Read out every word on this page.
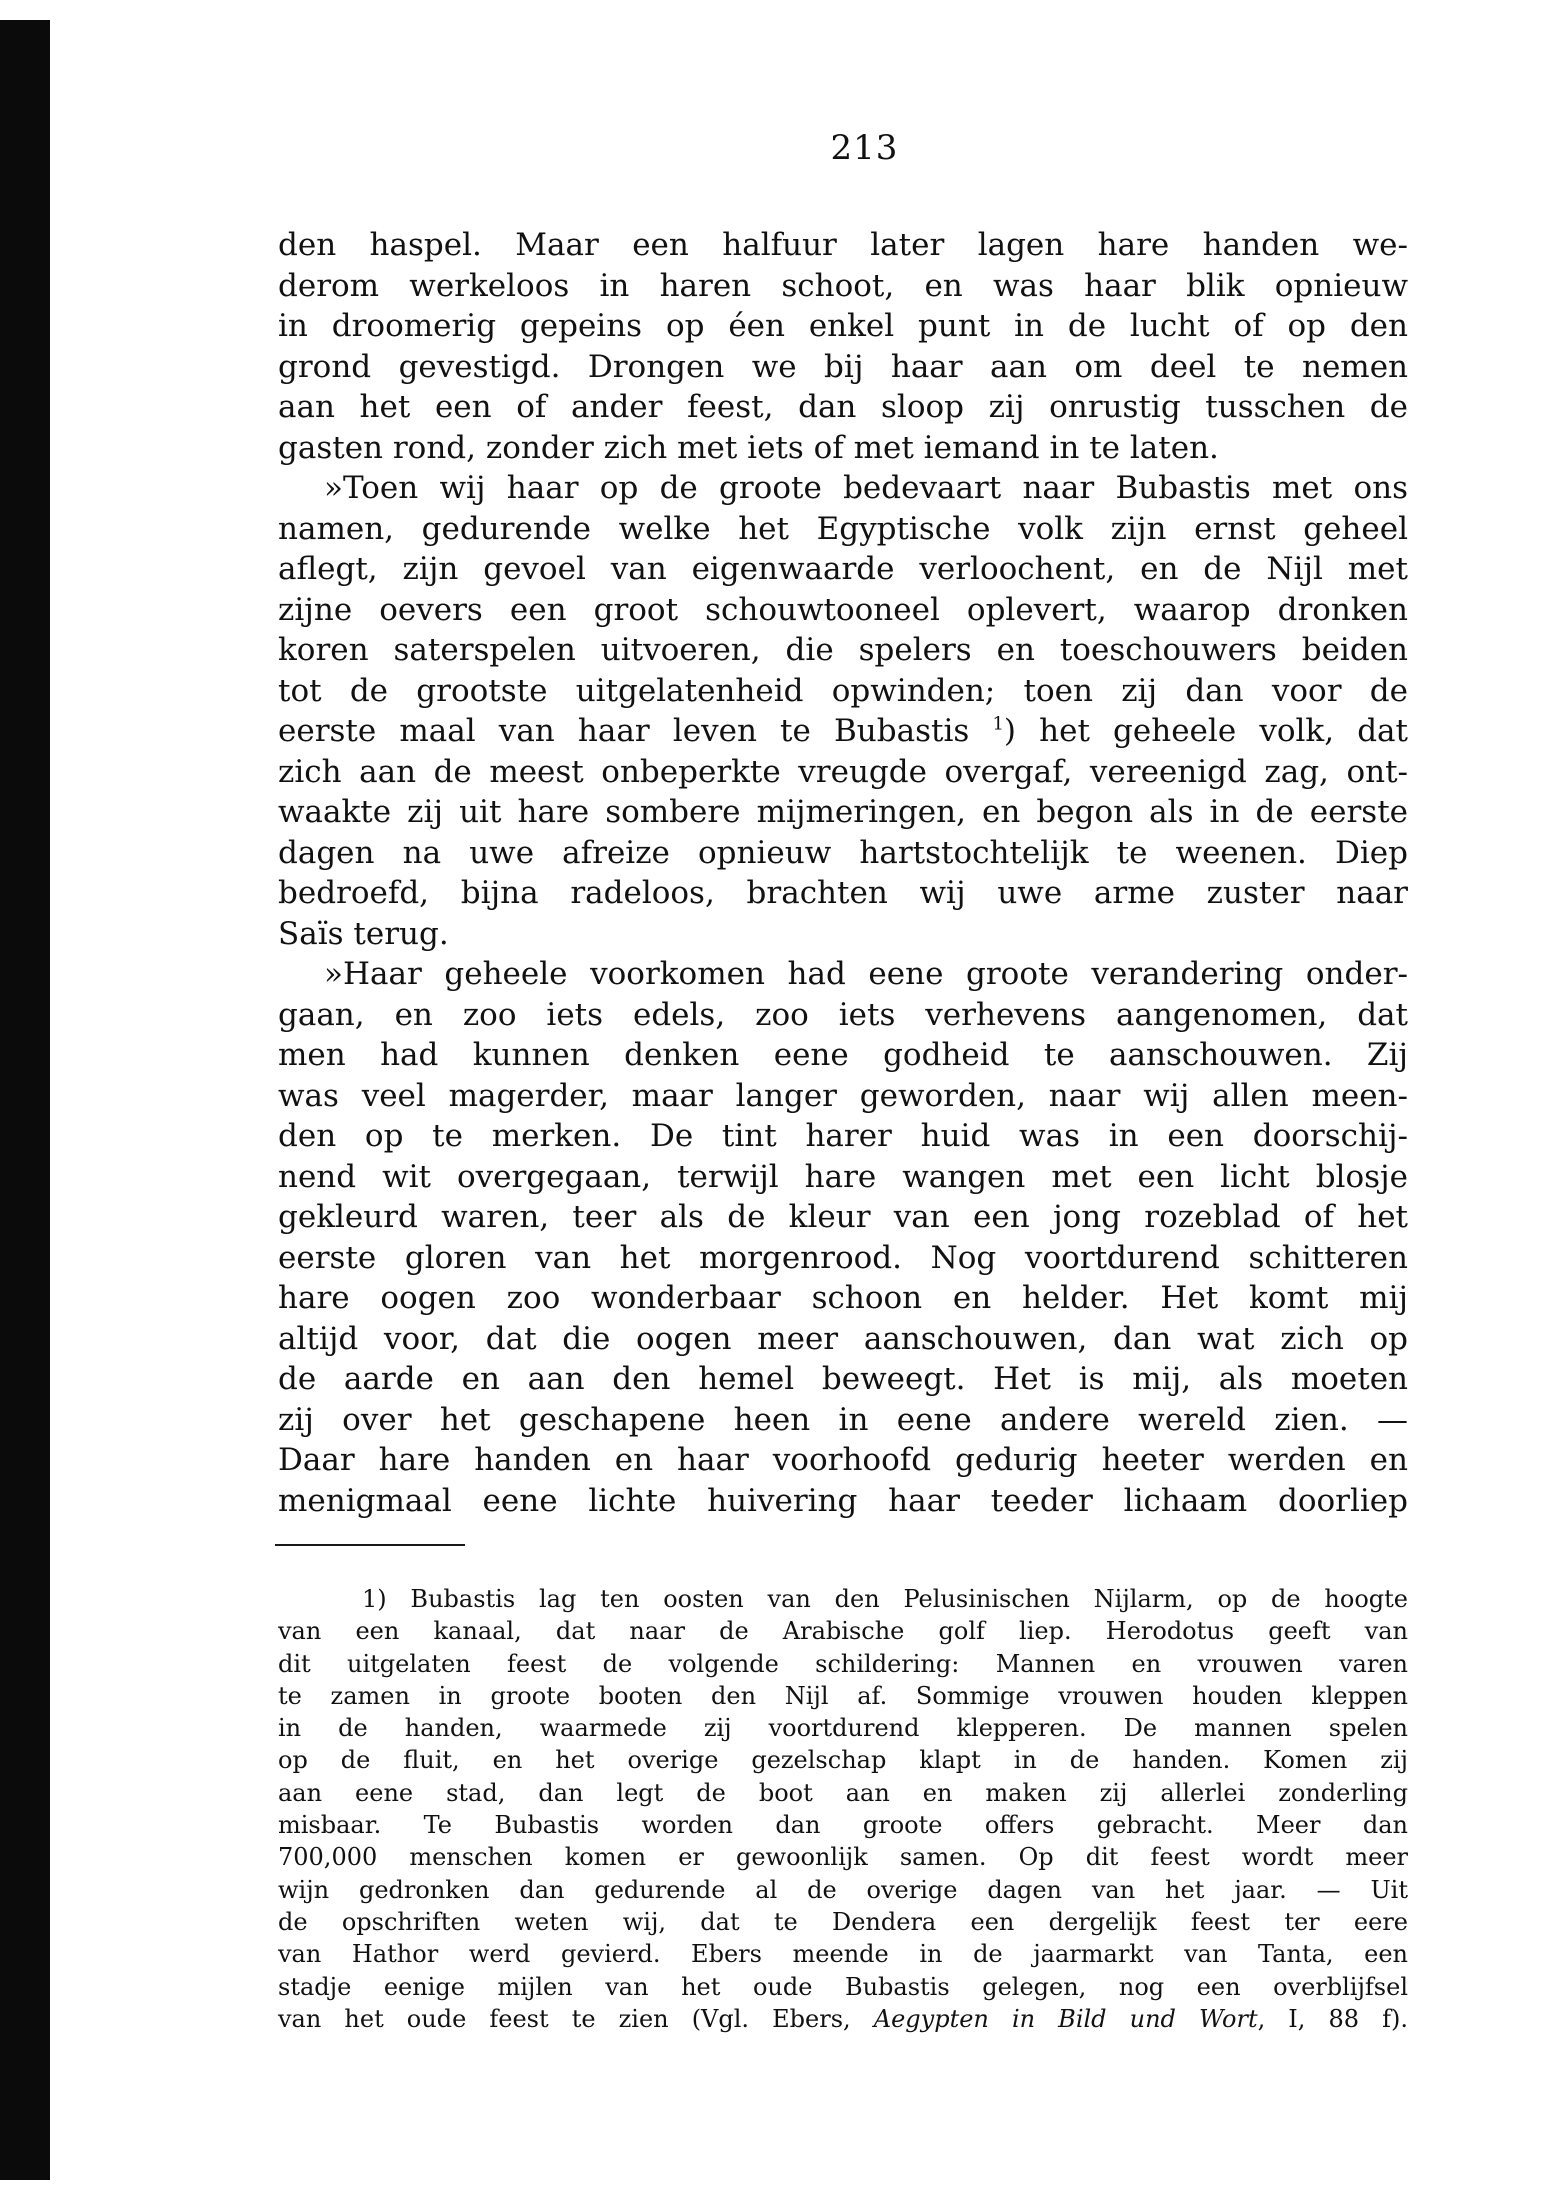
213
den haspel. Maar een halfuur later lagen hare handen we-
derom werkeloos in haren schoot, en was haar blik opnieuw
in droomerig gepeins op éen enkel punt in de lucht of op den
grond gevestigd. Drongen we bij haar aan om deel te nemen
aan het een of ander feest, dan sloop zij onrustig tusschen de
gasten rond, zonder zich met iets of met iemand in te laten.
»Toen wij haar op de groote bedevaart naar Bubastis met ons
namen, gedurende welke het Egyptische volk zijn ernst geheel
aflegt, zijn gevoel van eigenwaarde verloochent, en de Nijl met
zijne oevers een groot schouwtooneel oplevert, waarop dronken
koren saterspelen uitvoeren, die spelers en toeschouwers beiden
tot de grootste uitgelatenheid opwinden; toen zij dan voor de
eerste maal van haar leven te Bubastis $^1$) het geheele volk, dat
zich aan de meest onbeperkte vreugde overgaf, vereenigd zag, ont-
waakte zij uit hare sombere mijmeringen, en begon als in de eerste
dagen na uwe afreize opnieuw hartstochtelijk te weenen. Diep
bedroefd, bijna radeloos, brachten wij uwe arme zuster naar
Saïs terug.
»Haar geheele voorkomen had eene groote verandering onder-
gaan, en zoo iets edels, zoo iets verhevens aangenomen, dat
men had kunnen denken eene godheid te aanschouwen. Zij
was veel magerder, maar langer geworden, naar wij allen meen-
den op te merken. De tint harer huid was in een doorschij-
nend wit overgegaan, terwijl hare wangen met een licht blosje
gekleurd waren, teer als de kleur van een jong rozeblad of het
eerste gloren van het morgenrood. Nog voortdurend schitteren
hare oogen zoo wonderbaar schoon en helder. Het komt mij
altijd voor, dat die oogen meer aanschouwen, dan wat zich op
de aarde en aan den hemel beweegt. Het is mij, als moeten
zij over het geschapene heen in eene andere wereld zien. —
Daar hare handen en haar voorhoofd gedurig heeter werden en
menigmaal eene lichte huivering haar teeder lichaam doorliep
1) Bubastis lag ten oosten van den Pelusinischen Nijlarm, op de hoogte
van een kanaal, dat naar de Arabische golf liep. Herodotus geeft van
dit uitgelaten feest de volgende schildering: Mannen en vrouwen varen
te zamen in groote booten den Nijl af. Sommige vrouwen houden kleppen
in de handen, waarmede zij voortdurend klepperen. De mannen spelen
op de fluit, en het overige gezelschap klapt in de handen. Komen zij
aan eene stad, dan legt de boot aan en maken zij allerlei zonderling
misbaar. Te Bubastis worden dan groote offers gebracht. Meer dan
700,000 menschen komen er gewoonlijk samen. Op dit feest wordt meer
wijn gedronken dan gedurende al de overige dagen van het jaar. — Uit
de opschriften weten wij, dat te Dendera een dergelijk feest ter eere
van Hathor werd gevierd. Ebers meende in de jaarmarkt van Tanta, een
stadje eenige mijlen van het oude Bubastis gelegen, nog een overblijfsel
van het oude feest te zien (Vgl. Ebers, Aegypten in Bild und Wort, I, 88 f).
